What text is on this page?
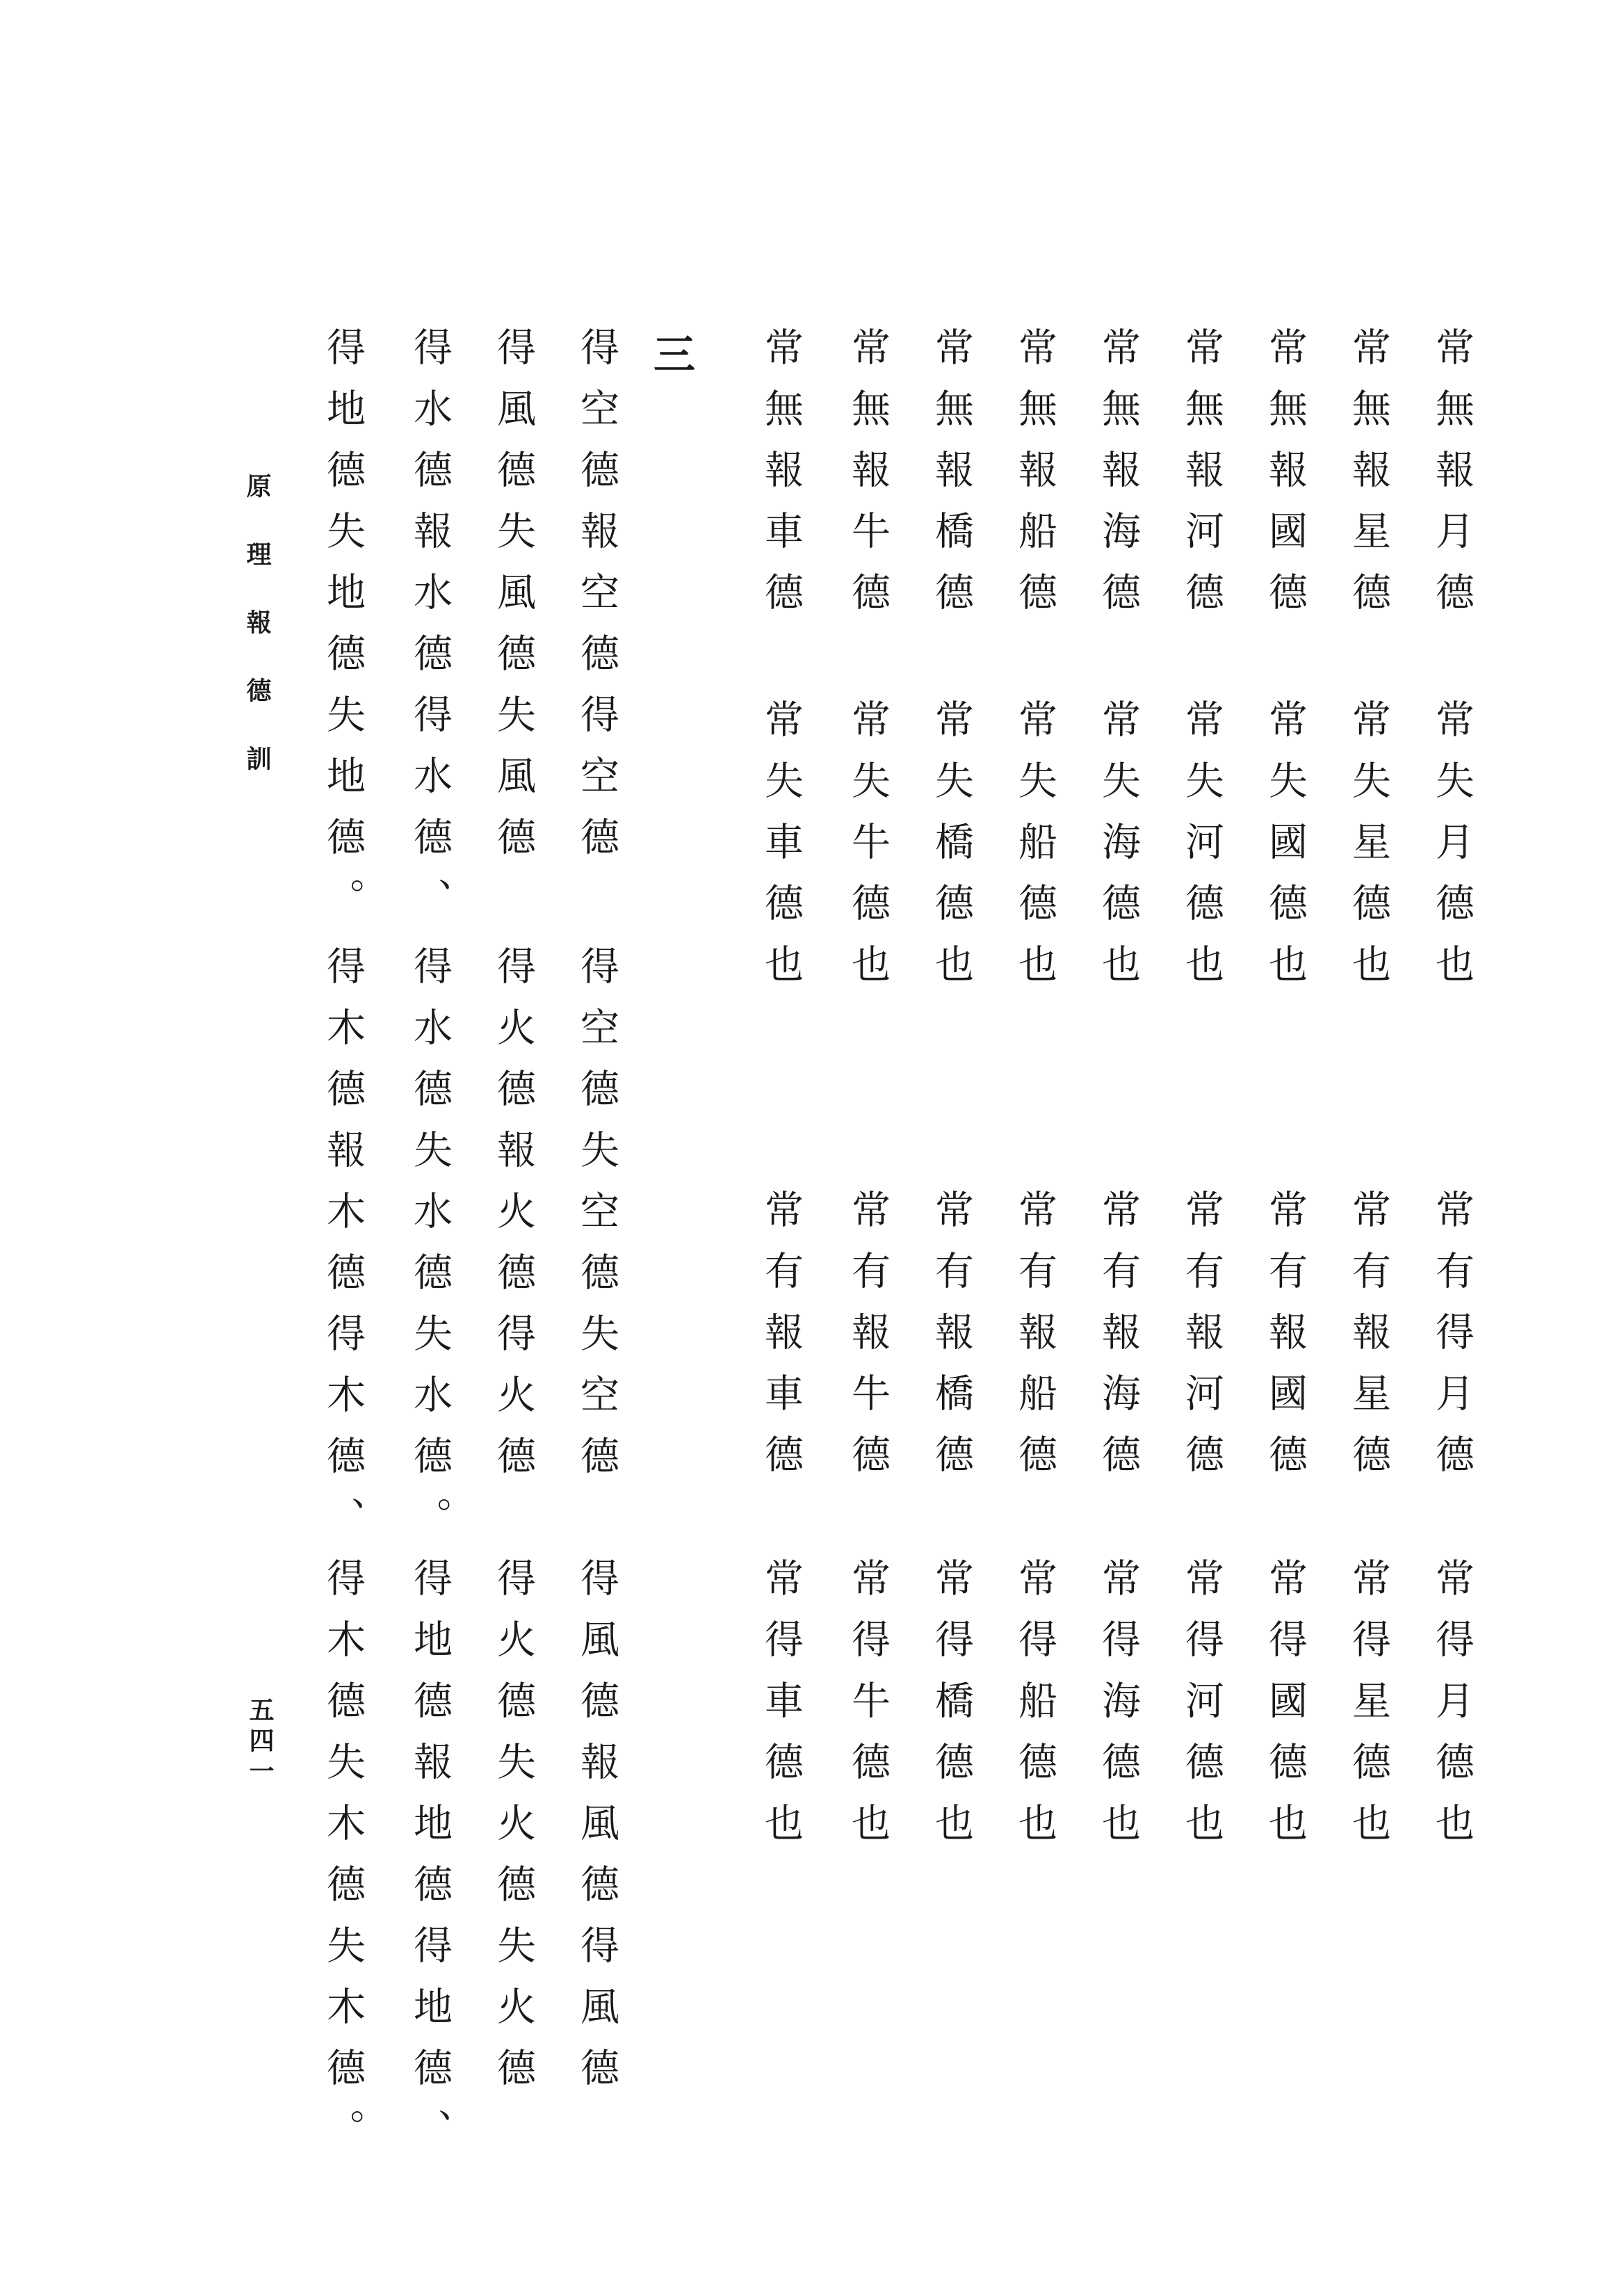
原理報德訓
五四一
三	常無報月德
常無報星德
常無報國德
常無報河德
常無報海德
常無報船德
常無報橋德
常無報牛德
常無報車德
常失月德也
常失星德也
常失國德也
常失河德也
常失海德也
常失船德也
常失橋德也
常失牛德也
常失車德也
常有得月德
常有報星德
常有報國德
常有報河德
常有報海德
常有報船德
常有報橋德
常有報牛德
常有報車德
常得月德也
常得星德也
常得國德也
常得河德也
常得海德也
常得船德也
常得橋德也
常得牛德也
常得車德也
得空德報空德得空德
得風德失風德失風德
得水德報水德得水德、
得地德失地德失地德。
得空德失空德失空德
得火德報火德得火德
得水德失水德失水德。
得木德報木德得木德、
得風德報風德得風德
得火德失火德失火德
得地德報地德得地德、
得木德失木德失木德。
